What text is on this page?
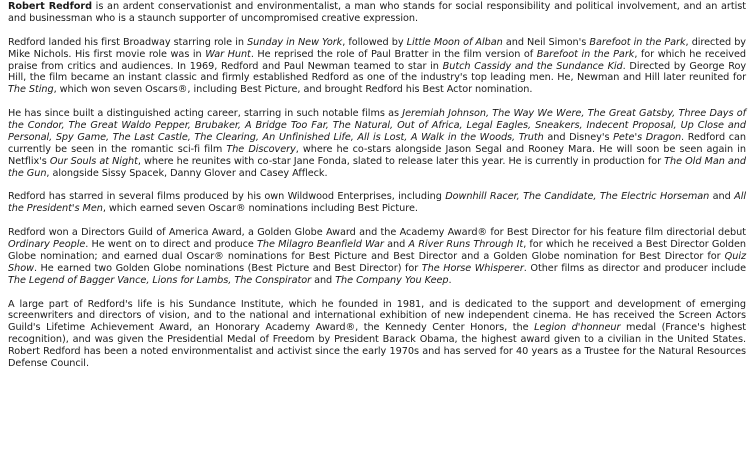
Robert Redford is an ardent conservationist and environmentalist, a man who stands for social responsibility and political involvement, and an artist and businessman who is a staunch supporter of uncompromised creative expression.

Redford landed his first Broadway starring role in Sunday in New York, followed by Little Moon of Alban and Neil Simon's Barefoot in the Park, directed by Mike Nichols. His first movie role was in War Hunt. He reprised the role of Paul Bratter in the film version of Barefoot in the Park, for which he received praise from critics and audiences. In 1969, Redford and Paul Newman teamed to star in Butch Cassidy and the Sundance Kid. Directed by George Roy Hill, the film became an instant classic and firmly established Redford as one of the industry's top leading men. He, Newman and Hill later reunited for The Sting, which won seven Oscars®, including Best Picture, and brought Redford his Best Actor nomination.

He has since built a distinguished acting career, starring in such notable films as Jeremiah Johnson, The Way We Were, The Great Gatsby, Three Days of the Condor, The Great Waldo Pepper, Brubaker, A Bridge Too Far, The Natural, Out of Africa, Legal Eagles, Sneakers, Indecent Proposal, Up Close and Personal, Spy Game, The Last Castle, The Clearing, An Unfinished Life, All is Lost, A Walk in the Woods, Truth and Disney's Pete's Dragon. Redford can currently be seen in the romantic sci-fi film The Discovery, where he co-stars alongside Jason Segal and Rooney Mara. He will soon be seen again in Netflix's Our Souls at Night, where he reunites with co-star Jane Fonda, slated to release later this year. He is currently in production for The Old Man and the Gun, alongside Sissy Spacek, Danny Glover and Casey Affleck.

Redford has starred in several films produced by his own Wildwood Enterprises, including Downhill Racer, The Candidate, The Electric Horseman and All the President's Men, which earned seven Oscar® nominations including Best Picture.

Redford won a Directors Guild of America Award, a Golden Globe Award and the Academy Award® for Best Director for his feature film directorial debut Ordinary People. He went on to direct and produce The Milagro Beanfield War and A River Runs Through It, for which he received a Best Director Golden Globe nomination; and earned dual Oscar® nominations for Best Picture and Best Director and a Golden Globe nomination for Best Director for Quiz Show. He earned two Golden Globe nominations (Best Picture and Best Director) for The Horse Whisperer. Other films as director and producer include The Legend of Bagger Vance, Lions for Lambs, The Conspirator and The Company You Keep.

A large part of Redford's life is his Sundance Institute, which he founded in 1981, and is dedicated to the support and development of emerging screenwriters and directors of vision, and to the national and international exhibition of new independent cinema. He has received the Screen Actors Guild's Lifetime Achievement Award, an Honorary Academy Award®, the Kennedy Center Honors, the Legion d'honneur medal (France's highest recognition), and was given the Presidential Medal of Freedom by President Barack Obama, the highest award given to a civilian in the United States. Robert Redford has been a noted environmentalist and activist since the early 1970s and has served for 40 years as a Trustee for the Natural Resources Defense Council.
